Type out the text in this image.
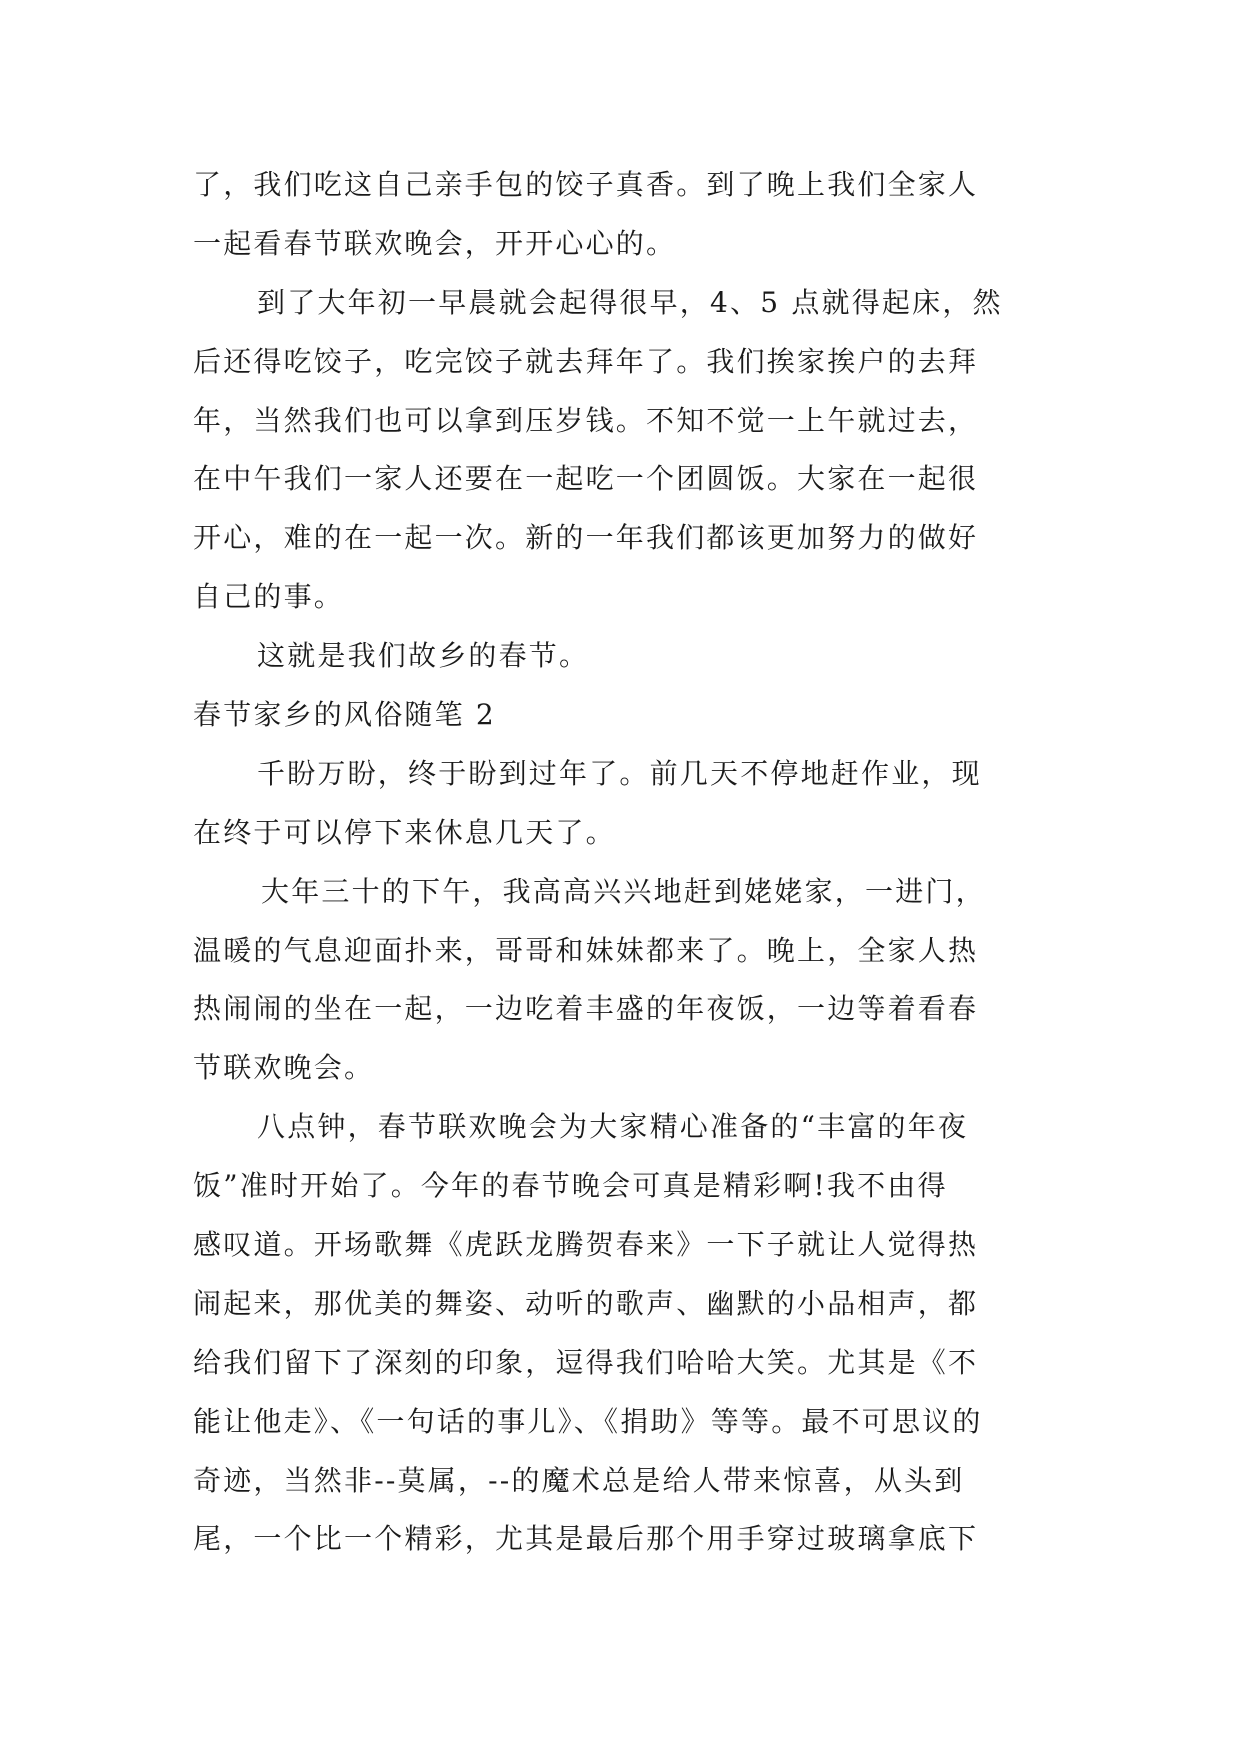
了，我们吃这自己亲手包的饺子真香。到了晚上我们全家人
一起看春节联欢晚会，开开心心的。
到了大年初一早晨就会起得很早，4、5 点就得起床，然
后还得吃饺子，吃完饺子就去拜年了。我们挨家挨户的去拜
年，当然我们也可以拿到压岁钱。不知不觉一上午就过去，
在中午我们一家人还要在一起吃一个团圆饭。大家在一起很
开心，难的在一起一次。新的一年我们都该更加努力的做好
自己的事。
这就是我们故乡的春节。
春节家乡的风俗随笔 2
千盼万盼，终于盼到过年了。前几天不停地赶作业，现
在终于可以停下来休息几天了。
大年三十的下午，我高高兴兴地赶到姥姥家，一进门，
温暖的气息迎面扑来，哥哥和妹妹都来了。晚上，全家人热
热闹闹的坐在一起，一边吃着丰盛的年夜饭，一边等着看春
节联欢晚会。
八点钟，春节联欢晚会为大家精心准备的“丰富的年夜
饭”准时开始了。今年的春节晚会可真是精彩啊!我不由得
感叹道。开场歌舞《虎跃龙腾贺春来》一下子就让人觉得热
闹起来，那优美的舞姿、动听的歌声、幽默的小品相声，都
给我们留下了深刻的印象，逗得我们哈哈大笑。尤其是《不
能让他走》、《一句话的事儿》、《捐助》等等。最不可思议的
奇迹，当然非--莫属，--的魔术总是给人带来惊喜，从头到
尾，一个比一个精彩，尤其是最后那个用手穿过玻璃拿底下
